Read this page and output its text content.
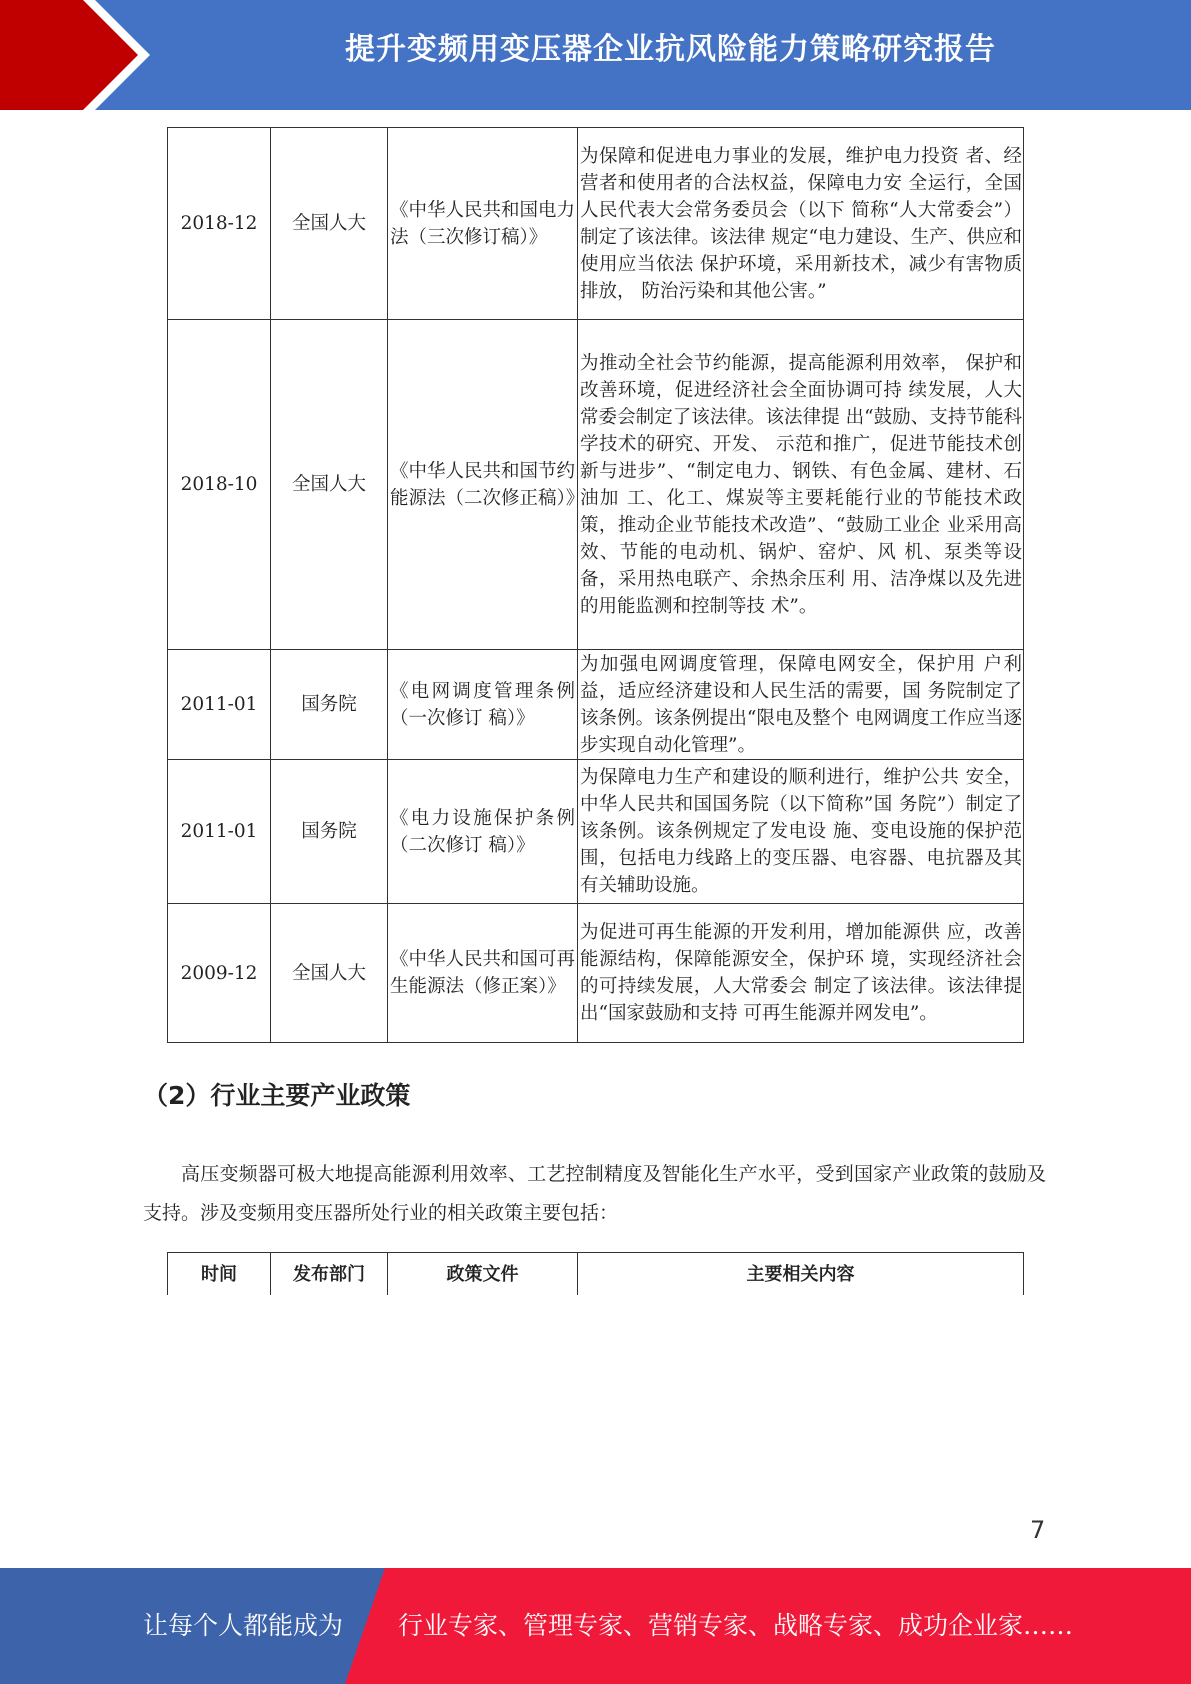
提升变频用变压器企业抗风险能力策略研究报告
2018-12	全国人大	《中华人民共和国电力法（三次修订稿）》	为保障和促进电力事业的发展，维护电力投资 者、经营者和使用者的合法权益，保障电力安 全运行，全国人民代表大会常务委员会（以下 简称“人大常委会”）制定了该法律。该法律 规定“电力建设、生产、供应和使用应当依法 保护环境，采用新技术，减少有害物质排放， 防治污染和其他公害。”
2018-10	全国人大	《中华人民共和国节约能源法（二次修正稿）》	为推动全社会节约能源，提高能源利用效率， 保护和改善环境，促进经济社会全面协调可持 续发展，人大常委会制定了该法律。该法律提 出“鼓励、支持节能科学技术的研究、开发、 示范和推广，促进节能技术创新与进步”、“制定电力、钢铁、有色金属、建材、石油加 工、化工、煤炭等主要耗能行业的节能技术政 策，推动企业节能技术改造”、“鼓励工业企 业采用高效、节能的电动机、锅炉、窑炉、风 机、泵类等设备，采用热电联产、余热余压利 用、洁净煤以及先进的用能监测和控制等技 术”。
2011-01	国务院	《电网调度管理条例（一次修订 稿）》	为加强电网调度管理，保障电网安全，保护用 户利益，适应经济建设和人民生活的需要，国 务院制定了该条例。该条例提出“限电及整个 电网调度工作应当逐步实现自动化管理”。
2011-01	国务院	《电力设施保护条例（二次修订 稿）》	为保障电力生产和建设的顺利进行，维护公共 安全，中华人民共和国国务院（以下简称”国 务院”）制定了该条例。该条例规定了发电设 施、变电设施的保护范围，包括电力线路上的变压器、电容器、电抗器及其有关辅助设施。
2009-12	全国人大	《中华人民共和国可再生能源法（修正案）》	为促进可再生能源的开发利用，增加能源供 应，改善能源结构，保障能源安全，保护环 境，实现经济社会的可持续发展，人大常委会 制定了该法律。该法律提出“国家鼓励和支持 可再生能源并网发电”。
（2）行业主要产业政策

高压变频器可极大地提高能源利用效率、工艺控制精度及智能化生产水平，受到国家产业政策的鼓励及支持。涉及变频用变压器所处行业的相关政策主要包括：

时间	发布部门	政策文件	主要相关内容
7
让每个人都能成为 行业专家、管理专家、营销专家、战略专家、成功企业家……
